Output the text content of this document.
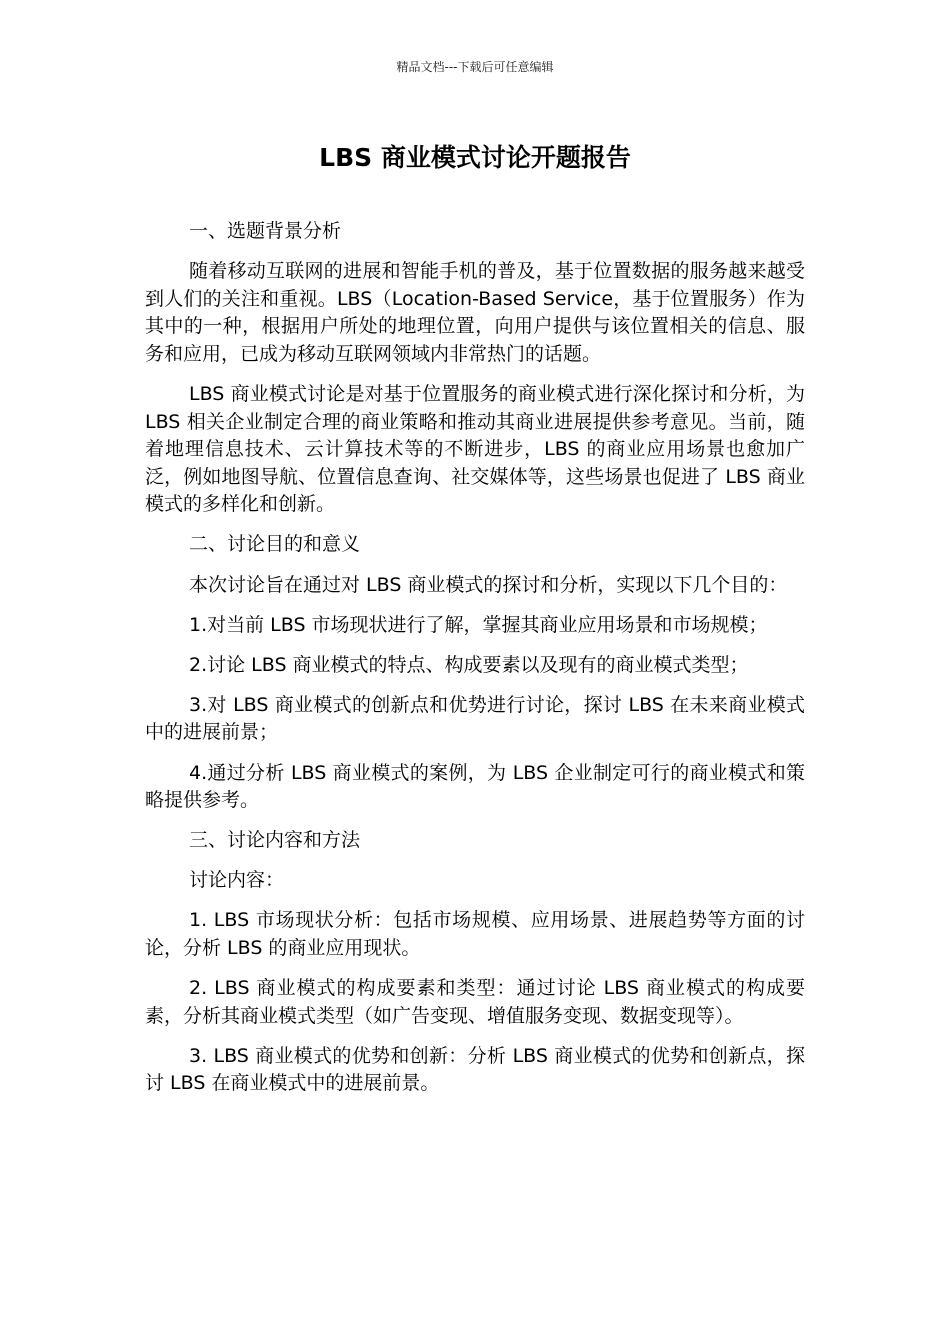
精品文档---下载后可任意编辑
LBS 商业模式讨论开题报告

一、选题背景分析

随着移动互联网的进展和智能手机的普及，基于位置数据的服务越来越受到人们的关注和重视。LBS（Location-Based Service，基于位置服务）作为其中的一种，根据用户所处的地理位置，向用户提供与该位置相关的信息、服务和应用，已成为移动互联网领域内非常热门的话题。

LBS 商业模式讨论是对基于位置服务的商业模式进行深化探讨和分析，为 LBS 相关企业制定合理的商业策略和推动其商业进展提供参考意见。当前，随着地理信息技术、云计算技术等的不断进步，LBS 的商业应用场景也愈加广泛，例如地图导航、位置信息查询、社交媒体等，这些场景也促进了 LBS 商业模式的多样化和创新。

二、讨论目的和意义

本次讨论旨在通过对 LBS 商业模式的探讨和分析，实现以下几个目的：

1.对当前 LBS 市场现状进行了解，掌握其商业应用场景和市场规模；

2.讨论 LBS 商业模式的特点、构成要素以及现有的商业模式类型；

3.对 LBS 商业模式的创新点和优势进行讨论，探讨 LBS 在未来商业模式中的进展前景；

4.通过分析 LBS 商业模式的案例，为 LBS 企业制定可行的商业模式和策略提供参考。

三、讨论内容和方法

讨论内容：

1. LBS 市场现状分析：包括市场规模、应用场景、进展趋势等方面的讨论，分析 LBS 的商业应用现状。

2. LBS 商业模式的构成要素和类型：通过讨论 LBS 商业模式的构成要素，分析其商业模式类型（如广告变现、增值服务变现、数据变现等）。

3. LBS 商业模式的优势和创新：分析 LBS 商业模式的优势和创新点，探讨 LBS 在商业模式中的进展前景。
